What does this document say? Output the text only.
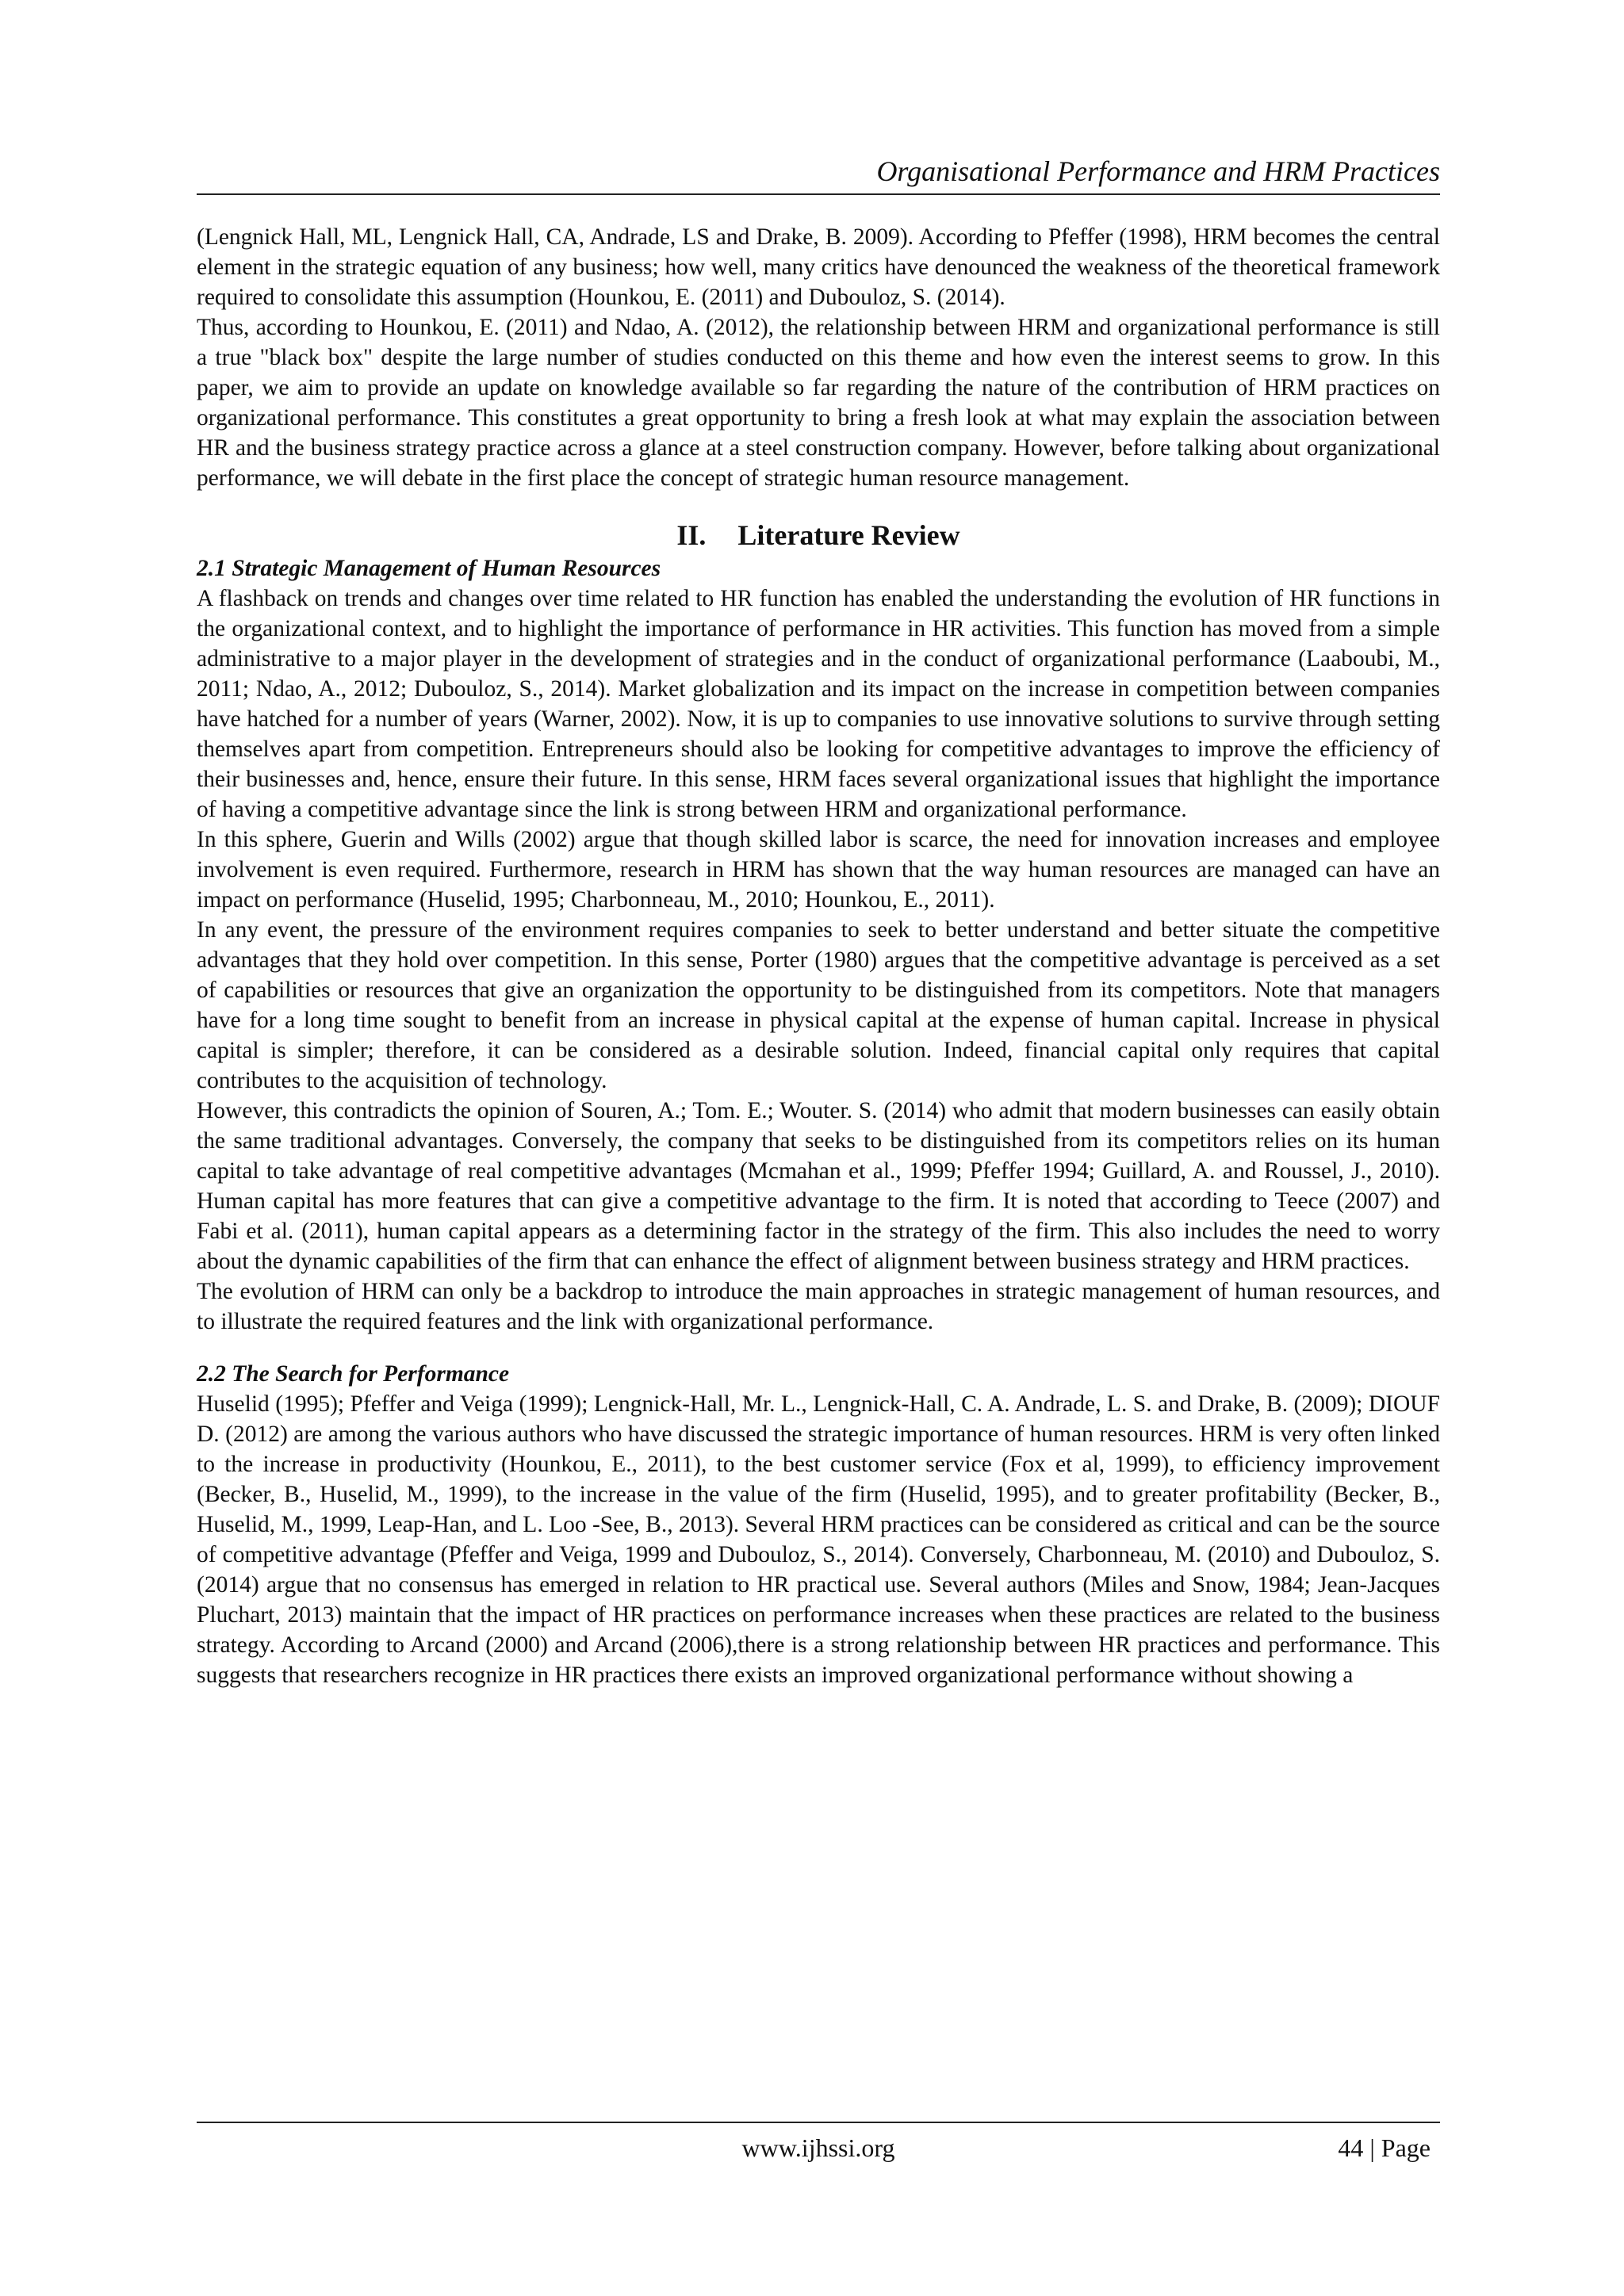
Organisational Performance and HRM Practices

(Lengnick Hall, ML, Lengnick Hall, CA, Andrade, LS and Drake, B. 2009). According to Pfeffer (1998), HRM becomes the central element in the strategic equation of any business; how well, many critics have denounced the weakness of the theoretical framework required to consolidate this assumption (Hounkou, E. (2011) and Dubouloz, S. (2014).

Thus, according to Hounkou, E. (2011) and Ndao, A. (2012), the relationship between HRM and organizational performance is still a true "black box" despite the large number of studies conducted on this theme and how even the interest seems to grow. In this paper, we aim to provide an update on knowledge available so far regarding the nature of the contribution of HRM practices on organizational performance. This constitutes a great opportunity to bring a fresh look at what may explain the association between HR and the business strategy practice across a glance at a steel construction company. However, before talking about organizational performance, we will debate in the first place the concept of strategic human resource management.

II. Literature Review

2.1 Strategic Management of Human Resources

A flashback on trends and changes over time related to HR function has enabled the understanding the evolution of HR functions in the organizational context, and to highlight the importance of performance in HR activities. This function has moved from a simple administrative to a major player in the development of strategies and in the conduct of organizational performance (Laaboubi, M., 2011; Ndao, A., 2012; Dubouloz, S., 2014). Market globalization and its impact on the increase in competition between companies have hatched for a number of years (Warner, 2002). Now, it is up to companies to use innovative solutions to survive through setting themselves apart from competition. Entrepreneurs should also be looking for competitive advantages to improve the efficiency of their businesses and, hence, ensure their future. In this sense, HRM faces several organizational issues that highlight the importance of having a competitive advantage since the link is strong between HRM and organizational performance.

In this sphere, Guerin and Wills (2002) argue that though skilled labor is scarce, the need for innovation increases and employee involvement is even required. Furthermore, research in HRM has shown that the way human resources are managed can have an impact on performance (Huselid, 1995; Charbonneau, M., 2010; Hounkou, E., 2011).

In any event, the pressure of the environment requires companies to seek to better understand and better situate the competitive advantages that they hold over competition. In this sense, Porter (1980) argues that the competitive advantage is perceived as a set of capabilities or resources that give an organization the opportunity to be distinguished from its competitors. Note that managers have for a long time sought to benefit from an increase in physical capital at the expense of human capital. Increase in physical capital is simpler; therefore, it can be considered as a desirable solution. Indeed, financial capital only requires that capital contributes to the acquisition of technology.

However, this contradicts the opinion of Souren, A.; Tom. E.; Wouter. S. (2014) who admit that modern businesses can easily obtain the same traditional advantages. Conversely, the company that seeks to be distinguished from its competitors relies on its human capital to take advantage of real competitive advantages (Mcmahan et al., 1999; Pfeffer 1994; Guillard, A. and Roussel, J., 2010). Human capital has more features that can give a competitive advantage to the firm. It is noted that according to Teece (2007) and Fabi et al. (2011), human capital appears as a determining factor in the strategy of the firm. This also includes the need to worry about the dynamic capabilities of the firm that can enhance the effect of alignment between business strategy and HRM practices.

The evolution of HRM can only be a backdrop to introduce the main approaches in strategic management of human resources, and to illustrate the required features and the link with organizational performance.

2.2 The Search for Performance

Huselid (1995); Pfeffer and Veiga (1999); Lengnick-Hall, Mr. L., Lengnick-Hall, C. A. Andrade, L. S. and Drake, B. (2009); DIOUF D. (2012) are among the various authors who have discussed the strategic importance of human resources. HRM is very often linked to the increase in productivity (Hounkou, E., 2011), to the best customer service (Fox et al, 1999), to efficiency improvement (Becker, B., Huselid, M., 1999), to the increase in the value of the firm (Huselid, 1995), and to greater profitability (Becker, B., Huselid, M., 1999, Leap-Han, and L. Loo -See, B., 2013). Several HRM practices can be considered as critical and can be the source of competitive advantage (Pfeffer and Veiga, 1999 and Dubouloz, S., 2014). Conversely, Charbonneau, M. (2010) and Dubouloz, S. (2014) argue that no consensus has emerged in relation to HR practical use. Several authors (Miles and Snow, 1984; Jean-Jacques Pluchart, 2013) maintain that the impact of HR practices on performance increases when these practices are related to the business strategy. According to Arcand (2000) and Arcand (2006),there is a strong relationship between HR practices and performance. This suggests that researchers recognize in HR practices there exists an improved organizational performance without showing a

www.ijhssi.org	44 | Page
